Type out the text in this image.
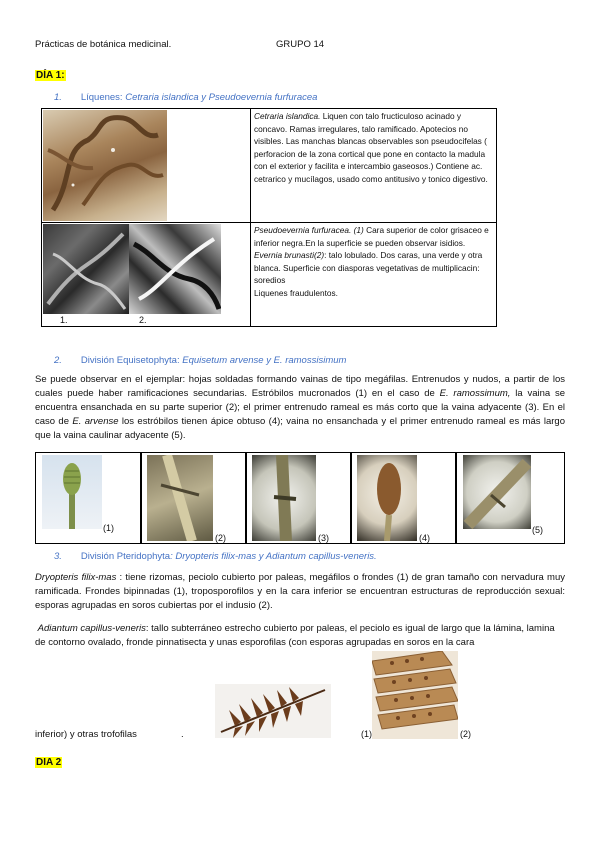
Prácticas de botánica medicinal.	GRUPO 14
DÍA 1:
1. Líquenes: Cetraria islandica y Pseudoevernia furfuracea
Cetraria islandica. Liquen con talo fructiculoso acinado y concavo. Ramas irregulares, talo ramificado. Apotecios no visibles. Las manchas blancas observables son pseudocifelas ( perforacion de la zona cortical que pone en contacto la madula con el exterior y facilita e intercambio gaseosos.) Contiene ac. cetrarico y mucílagos, usado como antitusivo y tonico digestivo.
1.	2.

Pseudoevernia furfuracea. (1) Cara superior de color grisaceo e inferior negra.En la superficie se pueden observar isidios.

Evernia brunasti(2): talo lobulado. Dos caras, una verde y otra blanca. Superficie con diasporas vegetativas de multiplicacin: soredios

Liquenes fraudulentos.

2. División Equisetophyta: Equisetum arvense y E. ramossisimum
Se puede observar en el ejemplar: hojas soldadas formando vainas de tipo megáfilas. Entrenudos y nudos, a partir de los cuales puede haber ramificaciones secundarias. Estróbilos mucronados (1) en el caso de E. ramossimum, la vaina se encuentra ensanchada en su parte superior (2); el primer entrenudo rameal es más corto que la vaina adyacente (3). En el caso de E. arvense los estróbilos tienen ápice obtuso (4); vaina no ensanchada y el primer entrenudo rameal es más largo que la vaina caulinar adyacente (5).
(1)
(2)	(3)	(4)
(5)
3. División Pteridophyta: Dryopteris filix-mas y Adiantum capillus-veneris.
Dryopteris filix-mas : tiene rizomas, peciolo cubierto por paleas, megáfilos o frondes (1) de gran tamaño con nervadura muy ramificada. Frondes bipinnadas (1), troposporofilos y en la cara inferior se encuentran estructuras de reproducción sexual: esporas agrupadas en soros cubiertas por el indusio (2).
Adiantum capillus-veneris: tallo subterráneo estrecho cubierto por paleas, el peciolo es igual de largo que la lámina, lamina de contorno ovalado, fronde pinnatisecta y unas esporofilas (con esporas agrupadas en soros en la cara
inferior) y otras trofofilas	.	(1)	(2)
DIA 2
